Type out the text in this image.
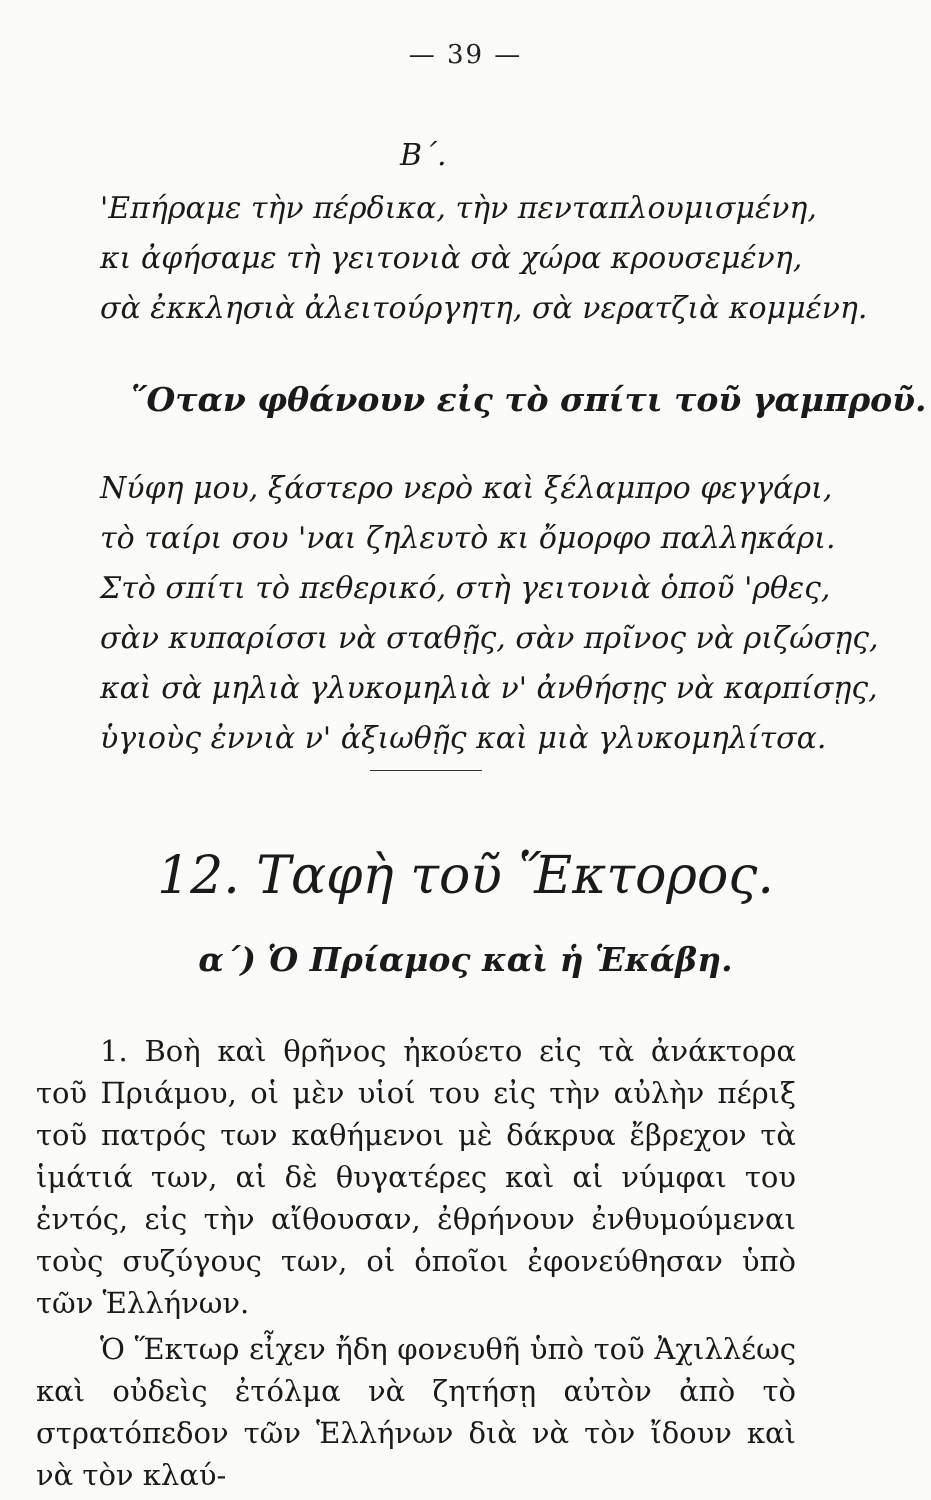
— 39 —
Β΄.
'Επήραμε τὴν πέρδικα, τὴν πενταπλουμισμένη,
κι ἀφήσαμε τὴ γειτονιὰ σὰ χώρα κρουσεμένη,
σὰ ἐκκλησιὰ ἀλειτούργητη, σὰ νερατζιὰ κομμένη.
῞Οταν φθάνουν εἰς τὸ σπίτι τοῦ γαμπροῦ.
Νύφη μου, ξάστερο νερὸ καὶ ξέλαμπρο φεγγάρι,
τὸ ταίρι σου 'ναι ζηλευτὸ κι ὄμορφο παλληκάρι.
Στὸ σπίτι τὸ πεθερικό, στὴ γειτονιὰ ὁποῦ 'ρθες,
σὰν κυπαρίσσι νὰ σταθῇς, σὰν πρῖνος νὰ ριζώσῃς,
καὶ σὰ μηλιὰ γλυκομηλιὰ ν' ἀνθήσῃς νὰ καρπίσῃς,
ὑγιοὺς ἐννιὰ ν' ἀξιωθῇς καὶ μιὰ γλυκομηλίτσα.
12. Ταφὴ τοῦ Ἕκτορος.
α΄) Ὁ Πρίαμος καὶ ἡ Ἑκάβη.

1. Βοὴ καὶ θρῆνος ἠκούετο εἰς τὰ ἀνάκτορα τοῦ Πριάμου, οἱ μὲν υἱοί του εἰς τὴν αὐλὴν πέριξ τοῦ πατρός των καθήμενοι μὲ δάκρυα ἔβρεχον τὰ ἱμάτιά των, αἱ δὲ θυγατέρες καὶ αἱ νύμφαι του ἐντός, εἰς τὴν αἴθουσαν, ἐθρήνουν ἐνθυμούμεναι τοὺς συζύγους των, οἱ ὁποῖοι ἐφονεύθησαν ὑπὸ τῶν Ἑλλήνων.

Ὁ Ἕκτωρ εἶχεν ἤδη φονευθῆ ὑπὸ τοῦ Ἀχιλλέως καὶ οὐδεὶς ἐτόλμα νὰ ζητήσῃ αὐτὸν ἀπὸ τὸ στρατόπεδον τῶν Ἑλλήνων διὰ νὰ τὸν ἴδουν καὶ νὰ τὸν κλαύ-
